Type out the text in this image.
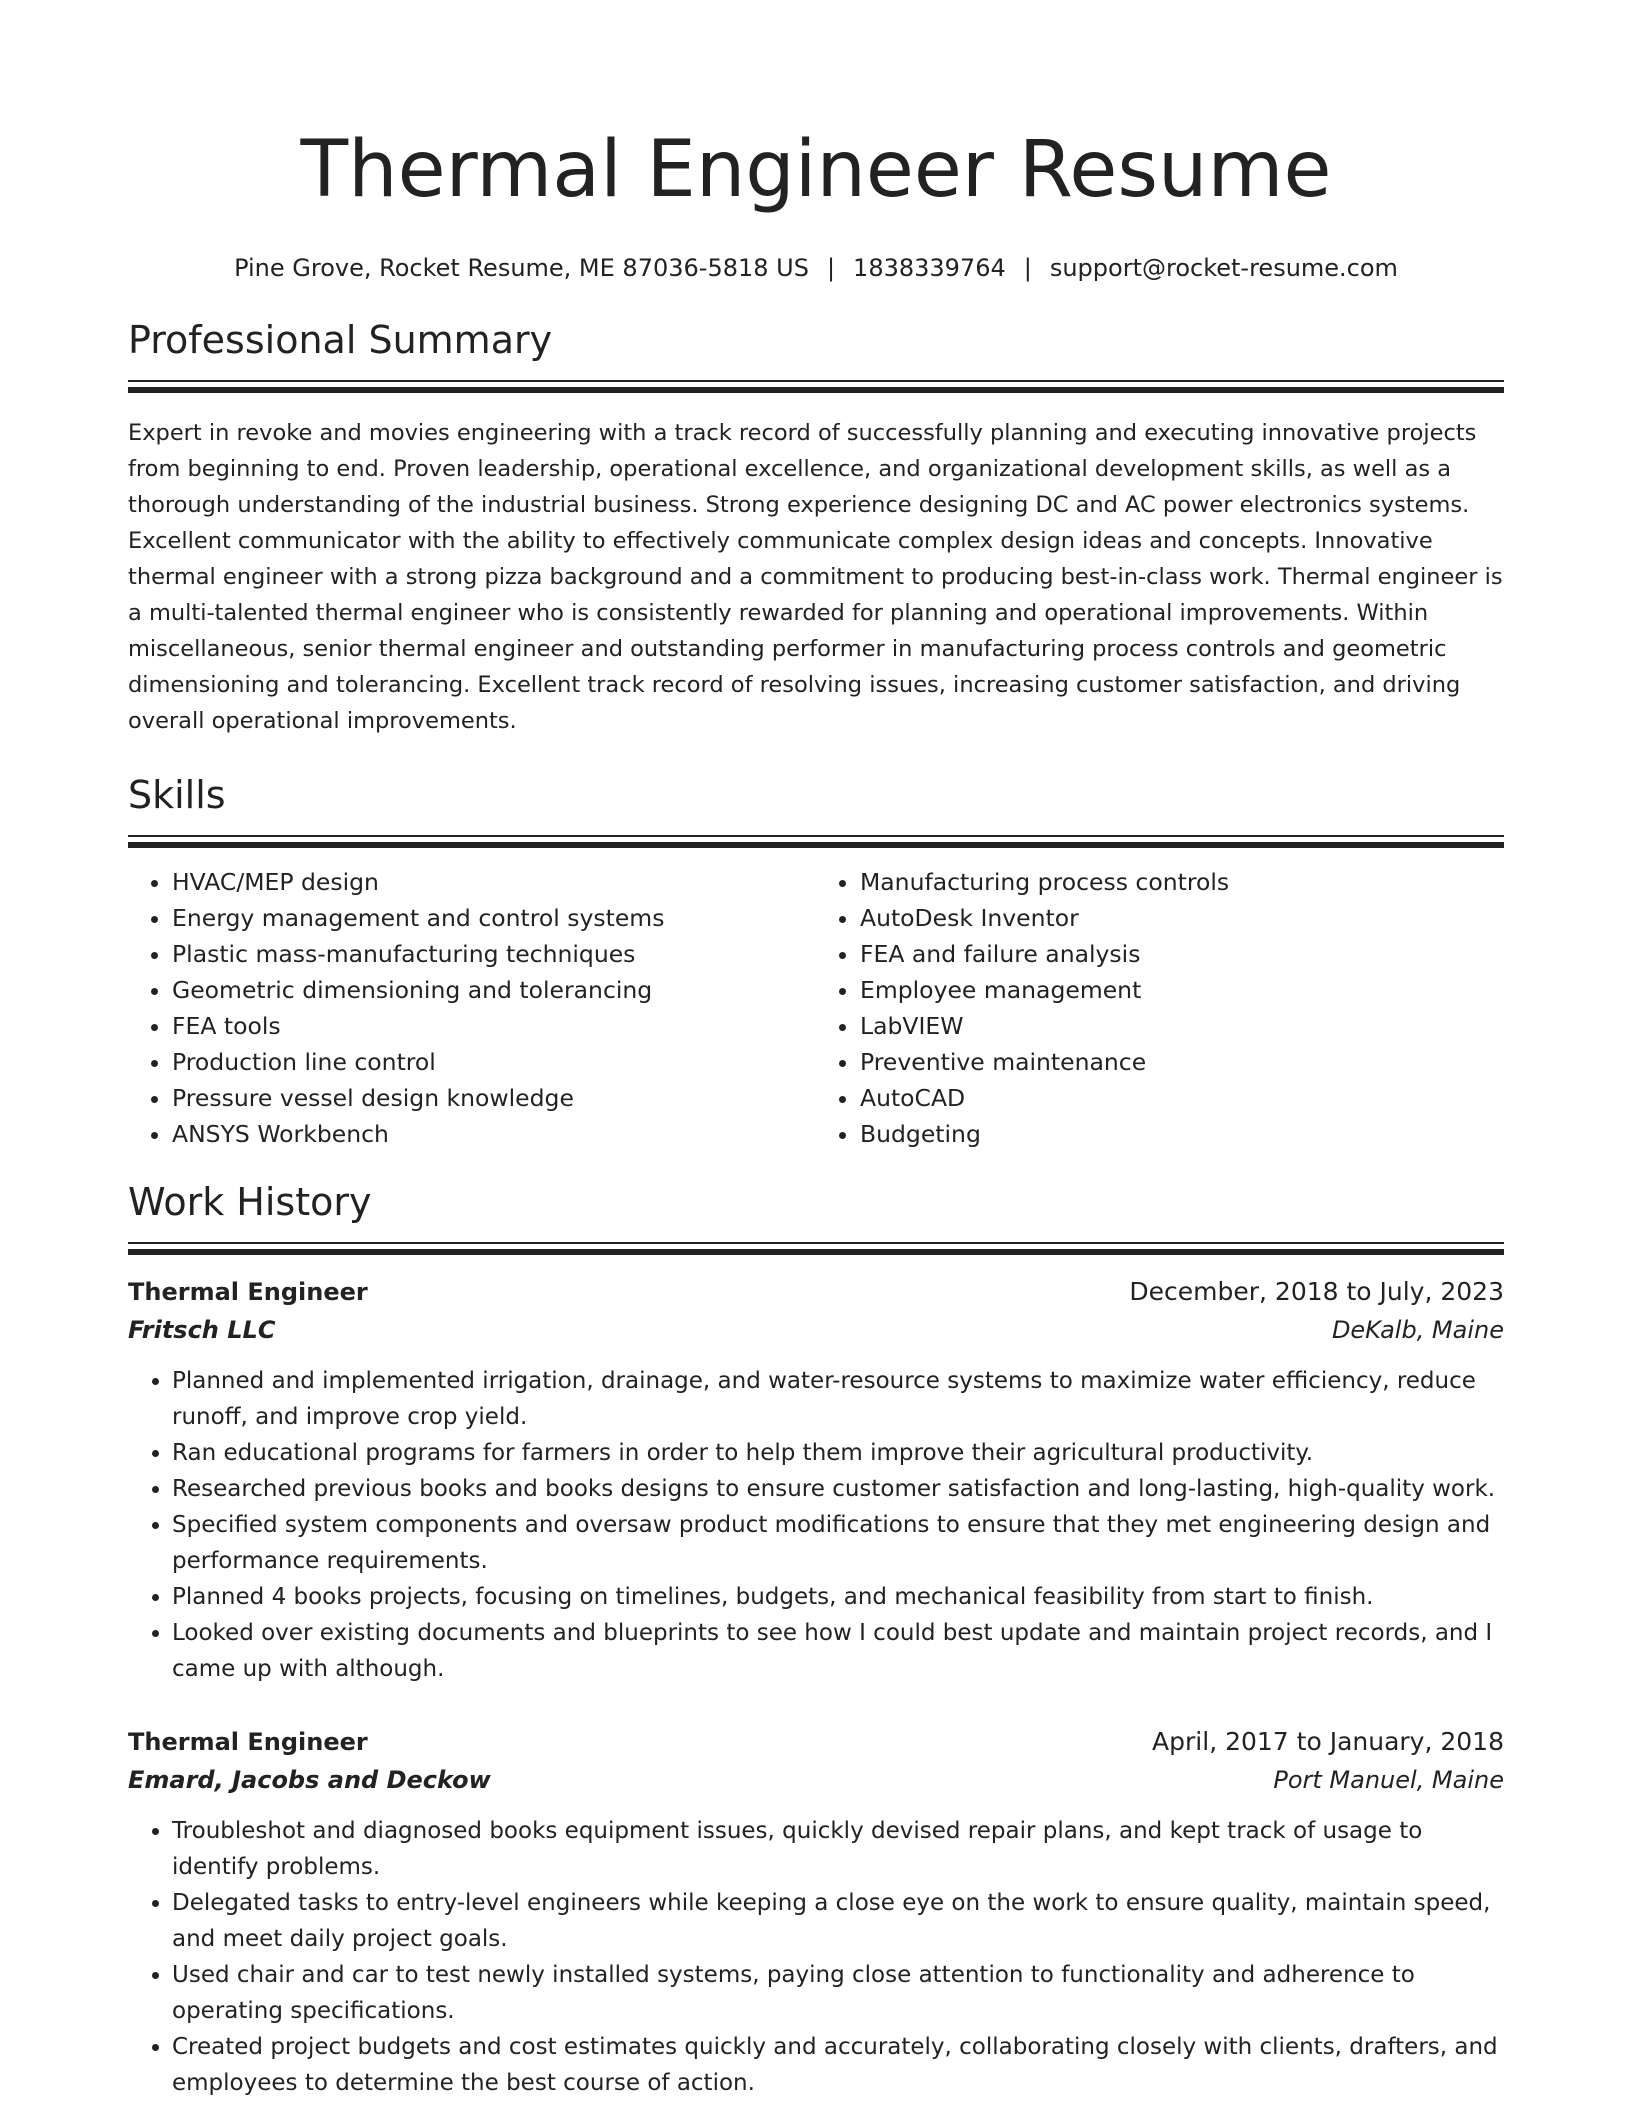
Thermal Engineer Resume
Pine Grove, Rocket Resume, ME 87036-5818 US | 1838339764 | support@rocket-resume.com
Professional Summary

Expert in revoke and movies engineering with a track record of successfully planning and executing innovative projects from beginning to end. Proven leadership, operational excellence, and organizational development skills, as well as a thorough understanding of the industrial business. Strong experience designing DC and AC power electronics systems. Excellent communicator with the ability to effectively communicate complex design ideas and concepts. Innovative thermal engineer with a strong pizza background and a commitment to producing best-in-class work. Thermal engineer is a multi-talented thermal engineer who is consistently rewarded for planning and operational improvements. Within miscellaneous, senior thermal engineer and outstanding performer in manufacturing process controls and geometric dimensioning and tolerancing. Excellent track record of resolving issues, increasing customer satisfaction, and driving overall operational improvements.

Skills
• HVAC/MEP design
• Energy management and control systems
• Plastic mass-manufacturing techniques
• Geometric dimensioning and tolerancing
• FEA tools
• Production line control
• Pressure vessel design knowledge
• ANSYS Workbench
• Manufacturing process controls
• AutoDesk Inventor
• FEA and failure analysis
• Employee management
• LabVIEW
• Preventive maintenance
• AutoCAD
• Budgeting
Work History
Thermal Engineer	December, 2018 to July, 2023
Fritsch LLC	DeKalb, Maine
• Planned and implemented irrigation, drainage, and water-resource systems to maximize water efficiency, reduce runoff, and improve crop yield.
• Ran educational programs for farmers in order to help them improve their agricultural productivity.
• Researched previous books and books designs to ensure customer satisfaction and long-lasting, high-quality work.
• Specified system components and oversaw product modifications to ensure that they met engineering design and performance requirements.
• Planned 4 books projects, focusing on timelines, budgets, and mechanical feasibility from start to finish.
• Looked over existing documents and blueprints to see how I could best update and maintain project records, and I came up with although.
Thermal Engineer	April, 2017 to January, 2018
Emard, Jacobs and Deckow	Port Manuel, Maine
• Troubleshot and diagnosed books equipment issues, quickly devised repair plans, and kept track of usage to identify problems.
• Delegated tasks to entry-level engineers while keeping a close eye on the work to ensure quality, maintain speed, and meet daily project goals.
• Used chair and car to test newly installed systems, paying close attention to functionality and adherence to operating specifications.
• Created project budgets and cost estimates quickly and accurately, collaborating closely with clients, drafters, and employees to determine the best course of action.
